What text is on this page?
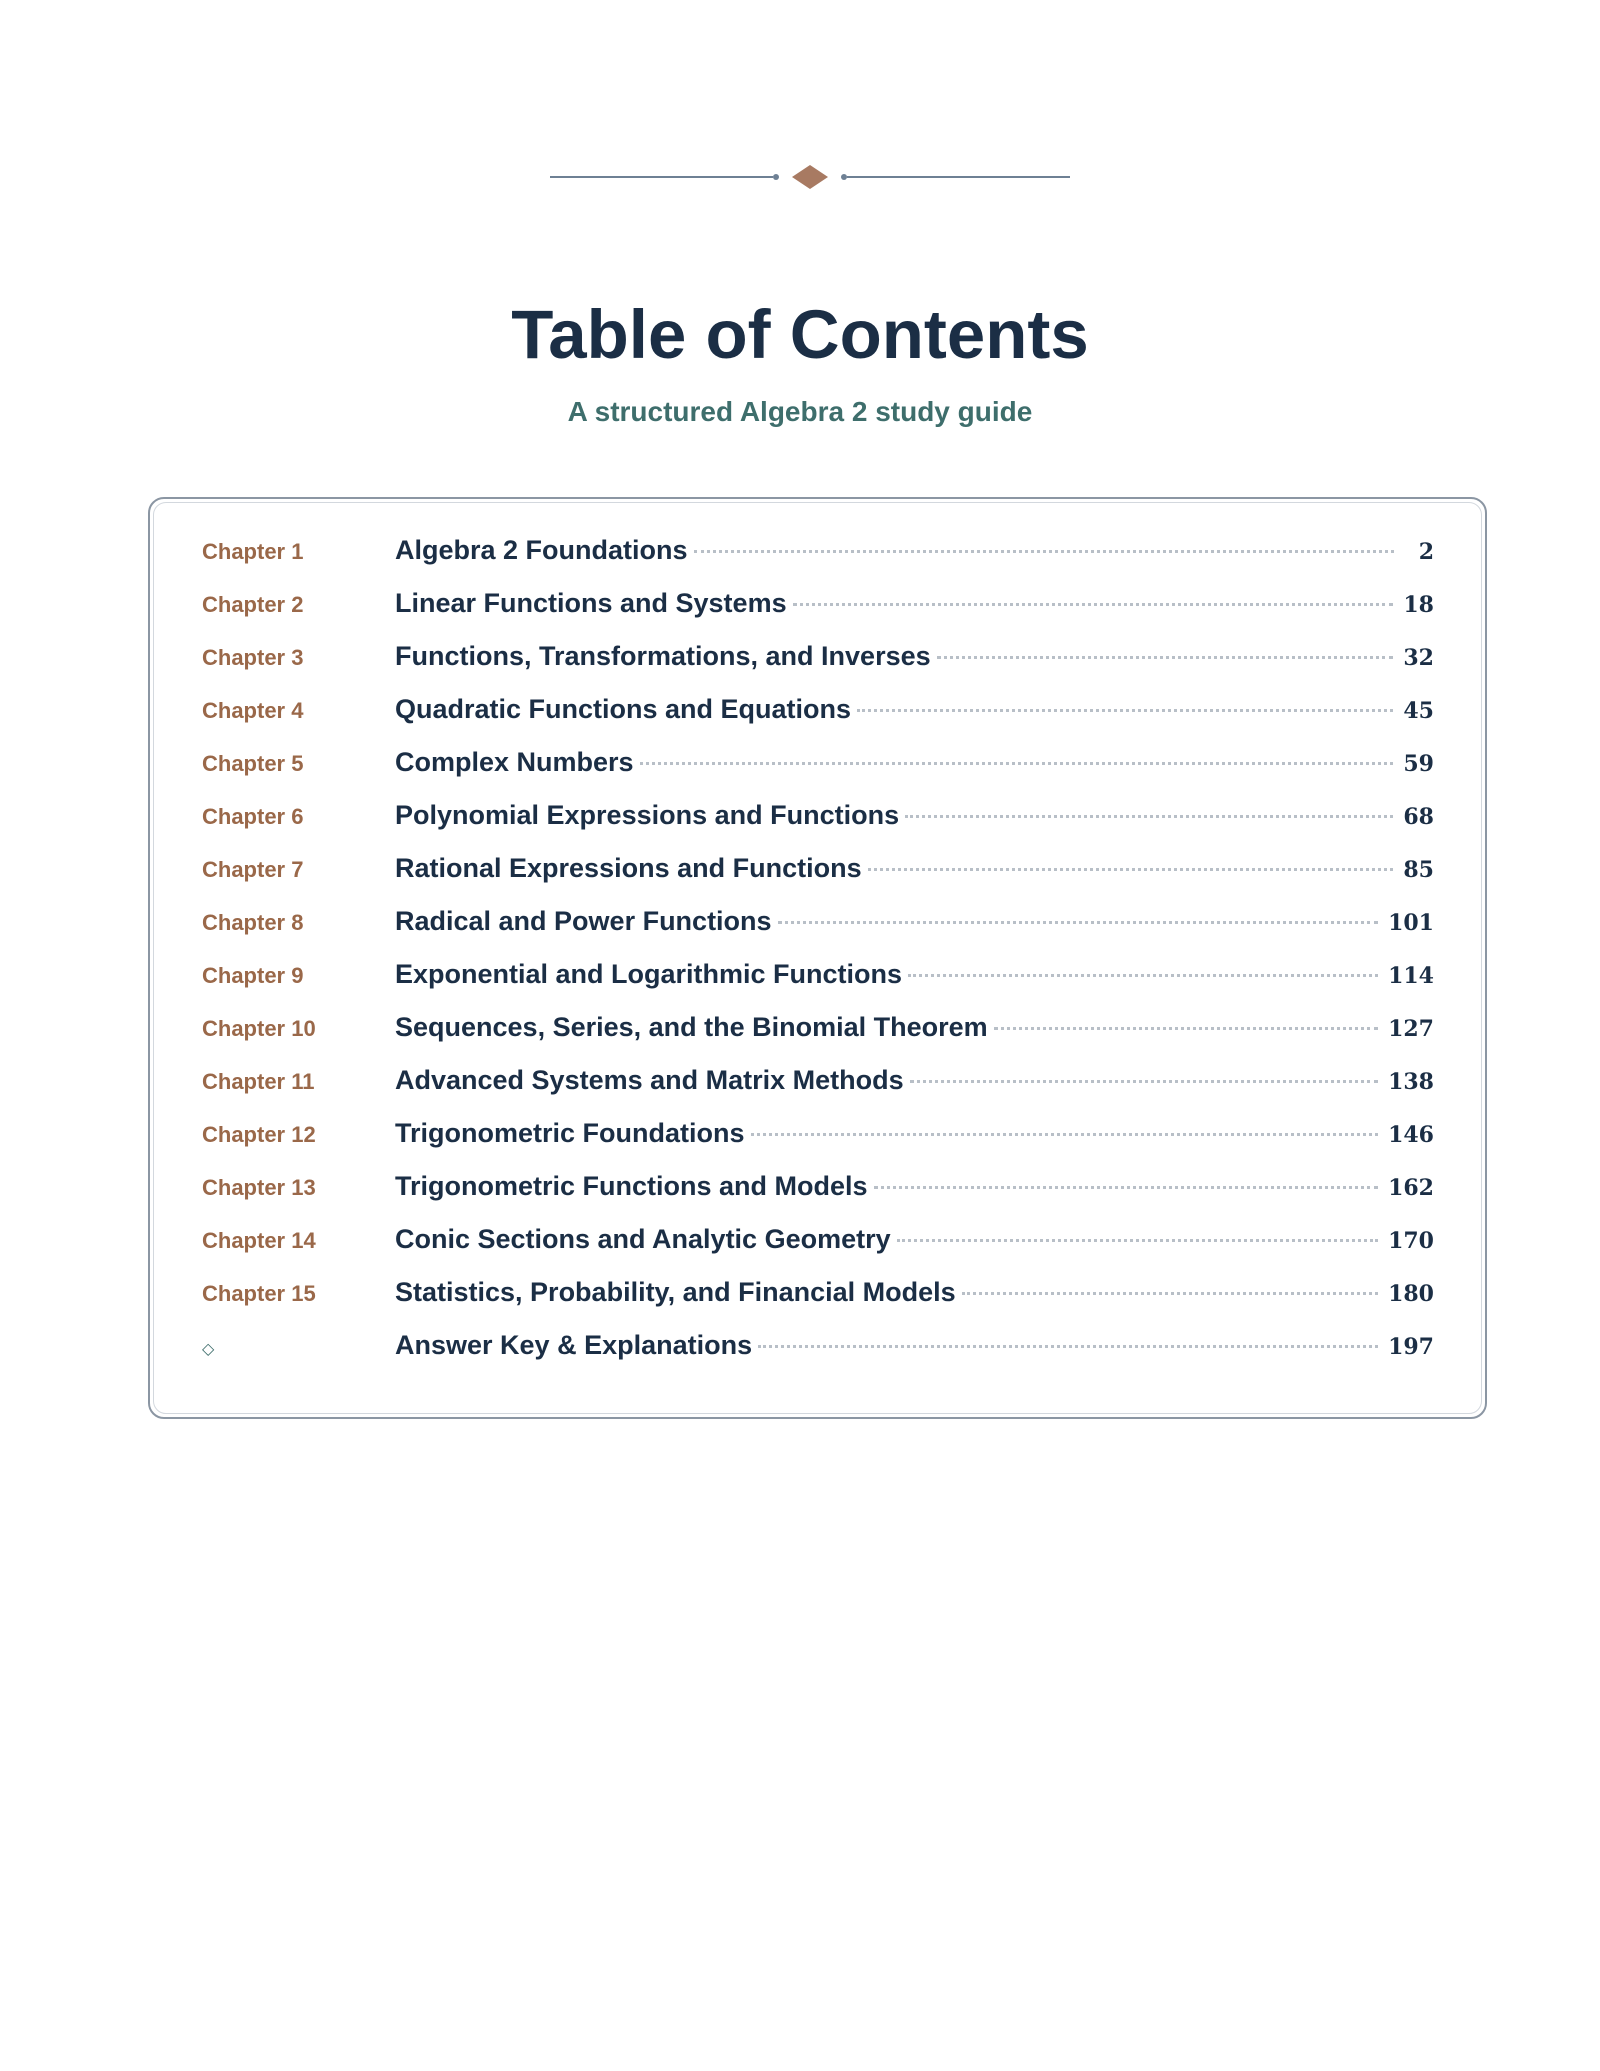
Table of Contents

A structured Algebra 2 study guide

Chapter 1	Algebra 2 Foundations	2
Chapter 2	Linear Functions and Systems	18
Chapter 3	Functions, Transformations, and Inverses	32
Chapter 4	Quadratic Functions and Equations	45
Chapter 5	Complex Numbers	59
Chapter 6	Polynomial Expressions and Functions	68
Chapter 7	Rational Expressions and Functions	85
Chapter 8	Radical and Power Functions	101
Chapter 9	Exponential and Logarithmic Functions	114
Chapter 10	Sequences, Series, and the Binomial Theorem	127
Chapter 11	Advanced Systems and Matrix Methods	138
Chapter 12	Trigonometric Foundations	146
Chapter 13	Trigonometric Functions and Models	162
Chapter 14	Conic Sections and Analytic Geometry	170
Chapter 15	Statistics, Probability, and Financial Models	180
◇	Answer Key & Explanations	197
